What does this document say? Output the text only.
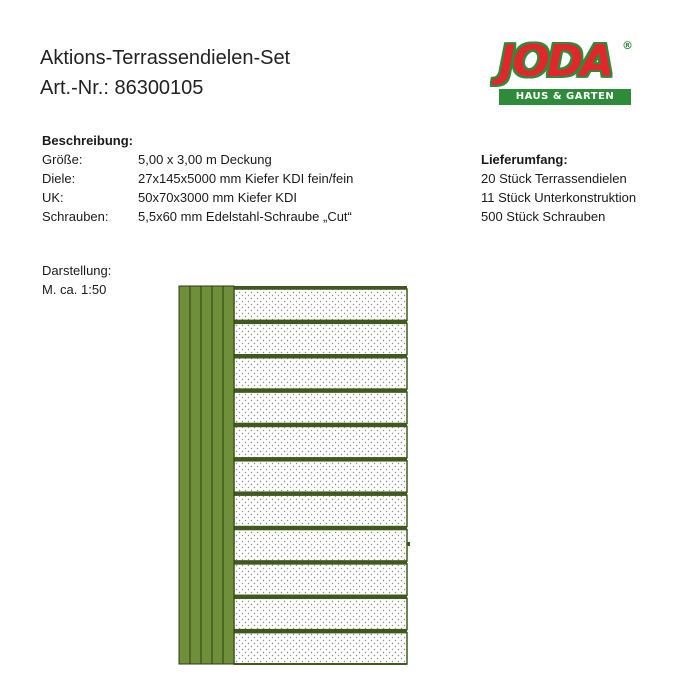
Aktions-Terrassendielen-Set
Art.-Nr.: 86300105
JODA ®
HAUS & GARTEN
Beschreibung:
Größe:	5,00 x 3,00 m Deckung
Diele:	27x145x5000 mm Kiefer KDI fein/fein
UK:	50x70x3000 mm Kiefer KDI
Schrauben: 5,5x60 mm Edelstahl-Schraube „Cut“
Lieferumfang:
20 Stück Terrassendielen
11 Stück Unterkonstruktion
500 Stück Schrauben
Darstellung:
M. ca. 1:50
